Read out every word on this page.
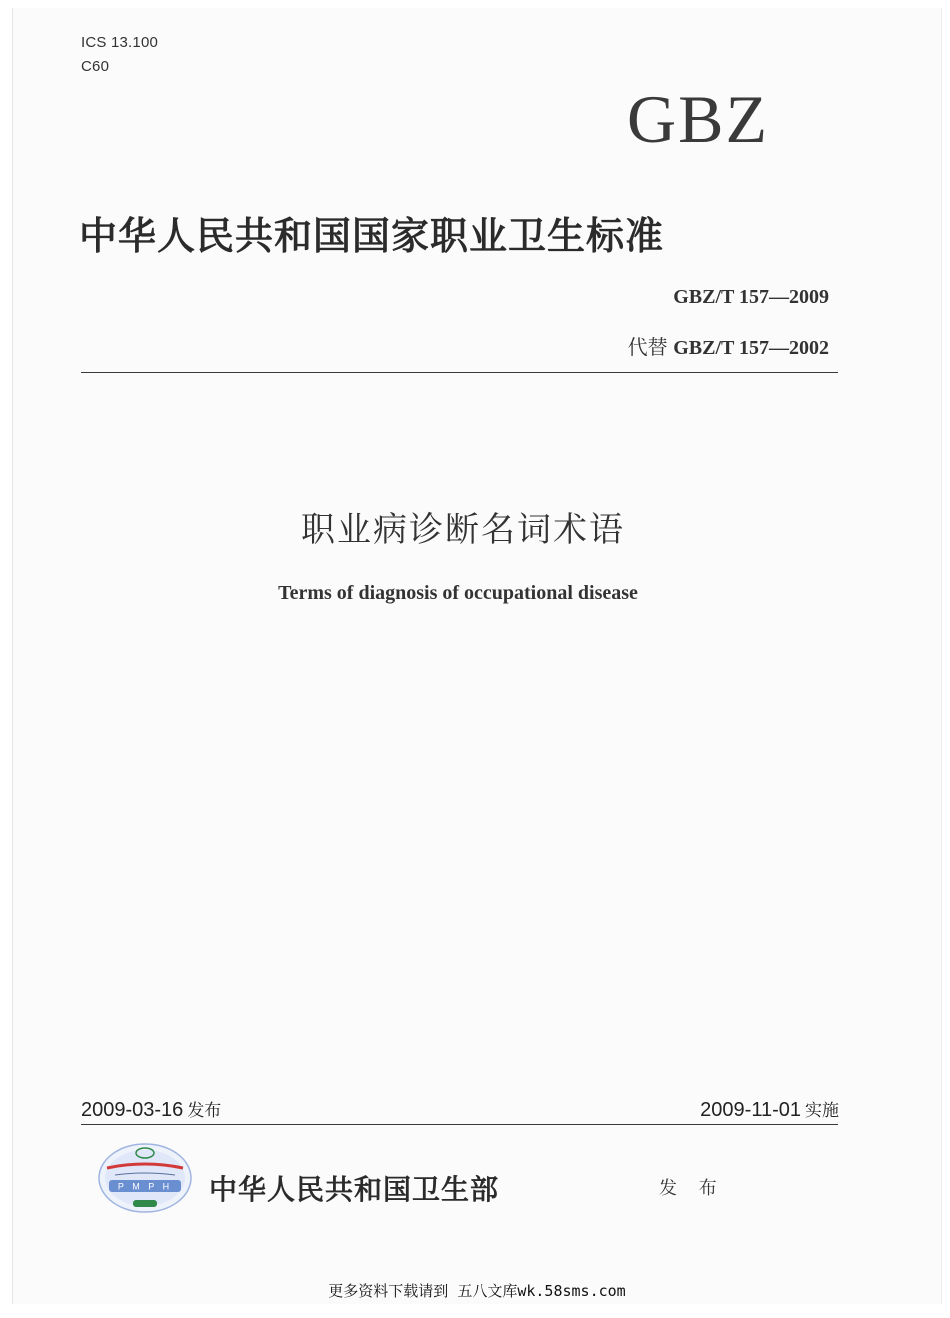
ICS 13.100
C60
GBZ
中华人民共和国国家职业卫生标准
GBZ/T 157—2009
代替 GBZ/T 157—2002
职业病诊断名词术语
Terms of diagnosis of occupational disease
2009-03-16 发布	2009-11-01 实施
P M P H 中华人民共和国卫生部	发 布
更多资料下载请到 五八文库wk.58sms.com
